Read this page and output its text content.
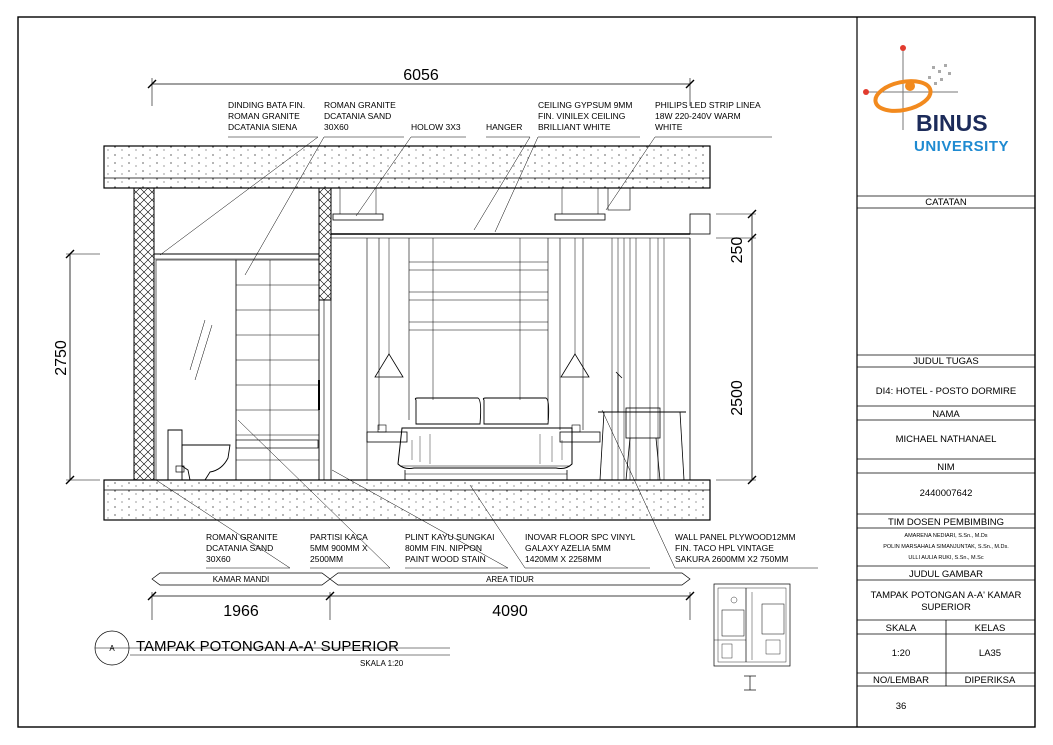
6056
2750
250
2500
1966	4090
KAMAR MANDI	AREA TIDUR
DINDING BATA FIN. ROMAN GRANITE DCATANIA SIENA
ROMAN GRANITE DCATANIA SAND 30X60	HOLOW 3X3	HANGER
CEILING GYPSUM 9MM FIN. VINILEX CEILING BRILLIANT WHITE
PHILIPS LED STRIP LINEA 18W 220-240V WARM WHITE
ROMAN GRANITE DCATANIA SAND 30X60
PARTISI KACA 5MM 900MM X 2500MM
PLINT KAYU SUNGKAI 80MM FIN. NIPPON PAINT WOOD STAIN
INOVAR FLOOR SPC VINYL GALAXY AZELIA 5MM 1420MM X 2258MM
WALL PANEL PLYWOOD12MM FIN. TACO HPL VINTAGE SAKURA 2600MM X2 750MM
A TAMPAK POTONGAN A-A' SUPERIOR
SKALA 1:20
BINUS
UNIVERSITY
CATATAN
JUDUL TUGAS
DI4: HOTEL - POSTO DORMIRE
NAMA
MICHAEL NATHANAEL
NIM
2440007642
TIM DOSEN PEMBIMBING
AMARENA NEDIARI, S.Sn., M.Ds
POLIN MARSAHALA SIMANJUNTAK, S.Sn., M.Ds.
ULLI AULIA RUKI, S.Sn., M.Sc
JUDUL GAMBAR
TAMPAK POTONGAN A-A' KAMAR
SUPERIOR
SKALA	KELAS
1:20	LA35
NO/LEMBAR	DIPERIKSA
36
